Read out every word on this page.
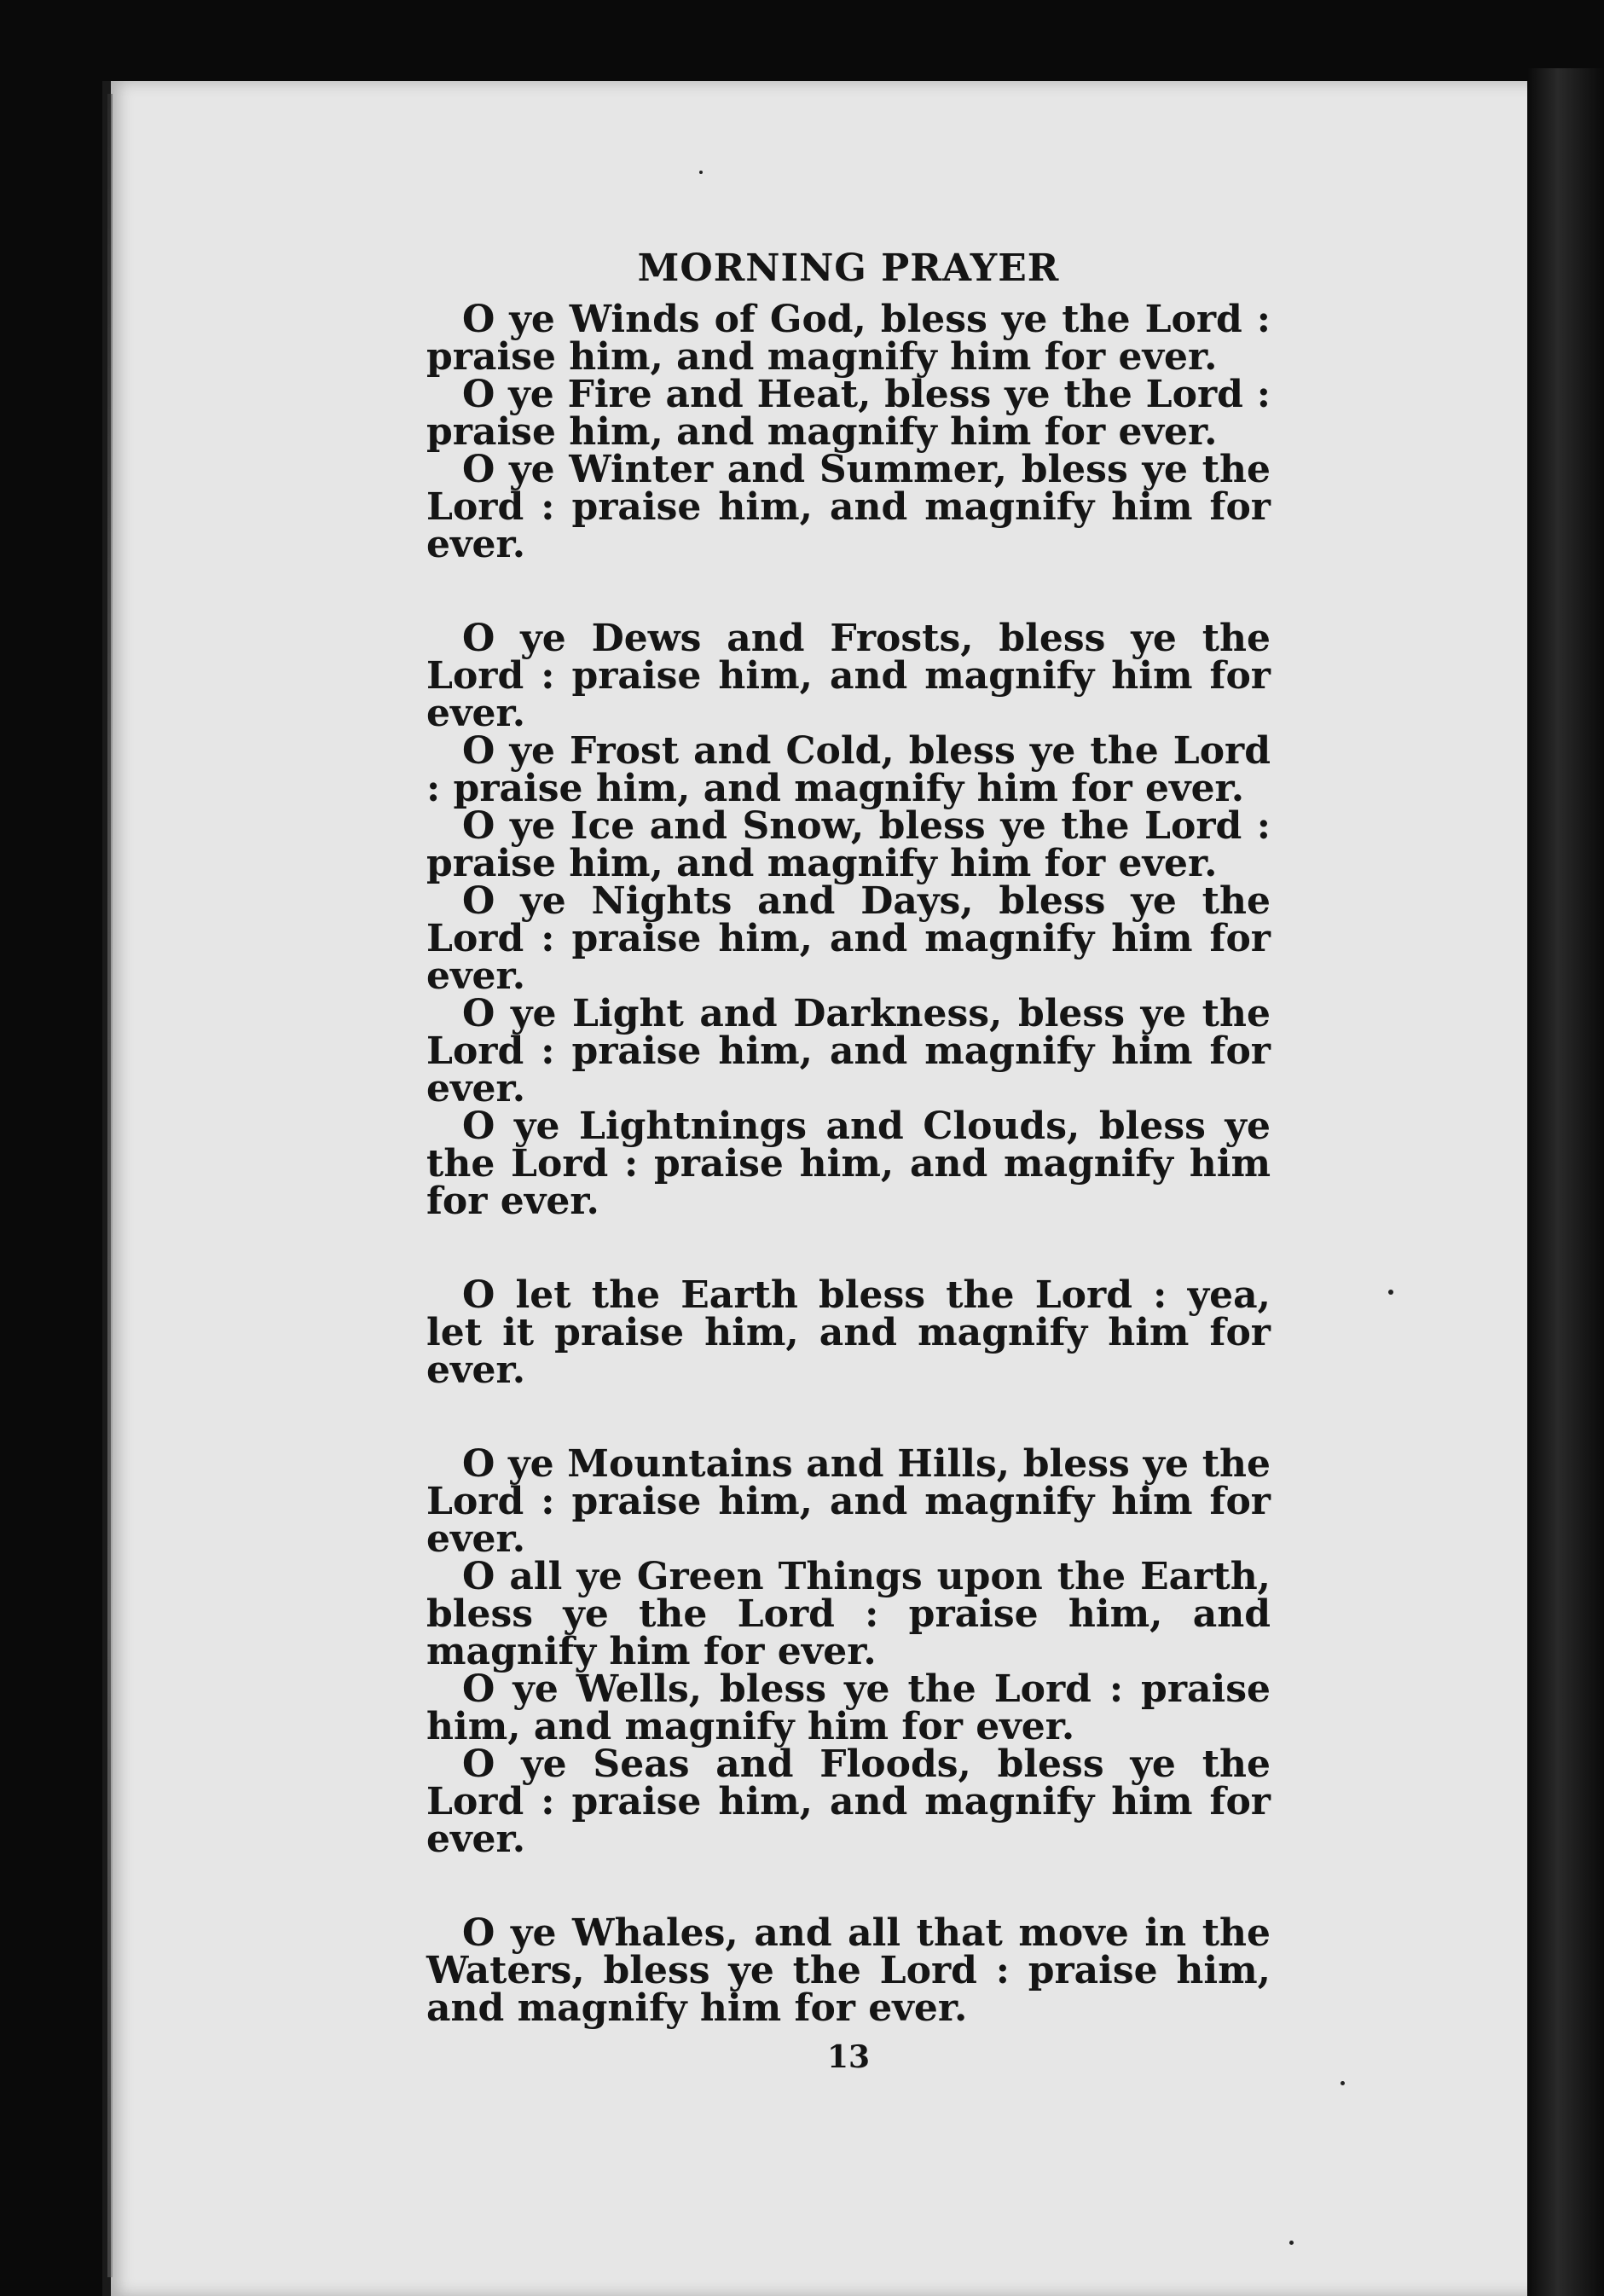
MORNING PRAYER

O ye Winds of God, bless ye the Lord : praise him, and magnify him for ever.

O ye Fire and Heat, bless ye the Lord : praise him, and magnify him for ever.

O ye Winter and Summer, bless ye the Lord : praise him, and magnify him for ever.

O ye Dews and Frosts, bless ye the Lord : praise him, and magnify him for ever.

O ye Frost and Cold, bless ye the Lord : praise him, and magnify him for ever.

O ye Ice and Snow, bless ye the Lord : praise him, and magnify him for ever.

O ye Nights and Days, bless ye the Lord : praise him, and magnify him for ever.

O ye Light and Darkness, bless ye the Lord : praise him, and magnify him for ever.

O ye Lightnings and Clouds, bless ye the Lord : praise him, and magnify him for ever.

O let the Earth bless the Lord : yea, let it praise him, and magnify him for ever.

O ye Mountains and Hills, bless ye the Lord : praise him, and magnify him for ever.

O all ye Green Things upon the Earth, bless ye the Lord : praise him, and magnify him for ever.

O ye Wells, bless ye the Lord : praise him, and magnify him for ever.

O ye Seas and Floods, bless ye the Lord : praise him, and magnify him for ever.

O ye Whales, and all that move in the Waters, bless ye the Lord : praise him, and magnify him for ever.

13
